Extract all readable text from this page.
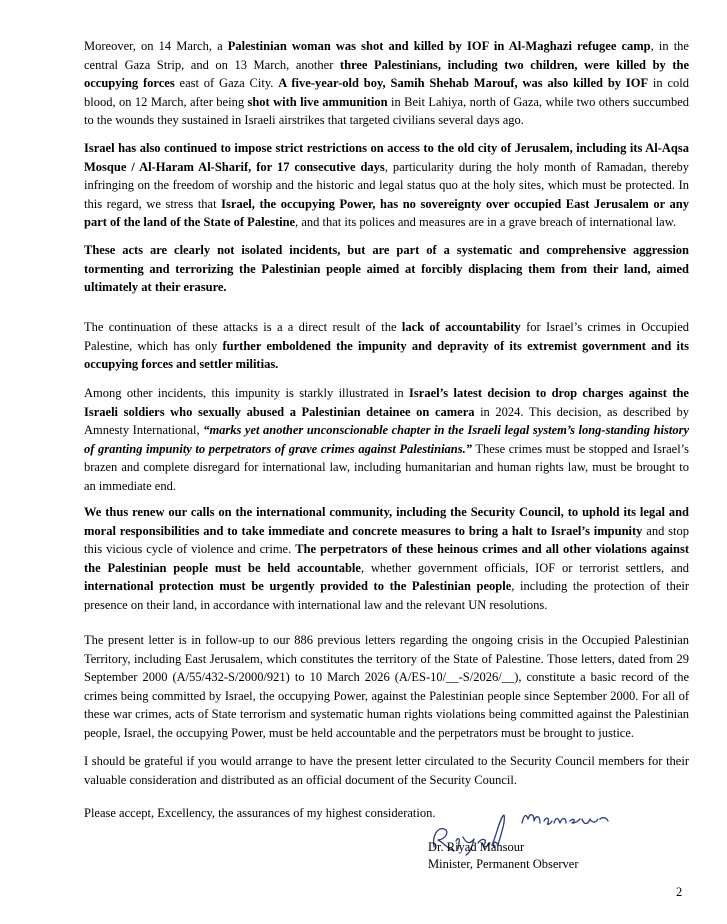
Moreover, on 14 March, a Palestinian woman was shot and killed by IOF in Al-Maghazi refugee camp, in the central Gaza Strip, and on 13 March, another three Palestinians, including two children, were killed by the occupying forces east of Gaza City. A five-year-old boy, Samih Shehab Marouf, was also killed by IOF in cold blood, on 12 March, after being shot with live ammunition in Beit Lahiya, north of Gaza, while two others succumbed to the wounds they sustained in Israeli airstrikes that targeted civilians several days ago.
Israel has also continued to impose strict restrictions on access to the old city of Jerusalem, including its Al-Aqsa Mosque / Al-Haram Al-Sharif, for 17 consecutive days, particularity during the holy month of Ramadan, thereby infringing on the freedom of worship and the historic and legal status quo at the holy sites, which must be protected. In this regard, we stress that Israel, the occupying Power, has no sovereignty over occupied East Jerusalem or any part of the land of the State of Palestine, and that its polices and measures are in a grave breach of international law.
These acts are clearly not isolated incidents, but are part of a systematic and comprehensive aggression tormenting and terrorizing the Palestinian people aimed at forcibly displacing them from their land, aimed ultimately at their erasure.
The continuation of these attacks is a a direct result of the lack of accountability for Israel’s crimes in Occupied Palestine, which has only further emboldened the impunity and depravity of its extremist government and its occupying forces and settler militias.
Among other incidents, this impunity is starkly illustrated in Israel’s latest decision to drop charges against the Israeli soldiers who sexually abused a Palestinian detainee on camera in 2024. This decision, as described by Amnesty International, “marks yet another unconscionable chapter in the Israeli legal system’s long-standing history of granting impunity to perpetrators of grave crimes against Palestinians.” These crimes must be stopped and Israel’s brazen and complete disregard for international law, including humanitarian and human rights law, must be brought to an immediate end.
We thus renew our calls on the international community, including the Security Council, to uphold its legal and moral responsibilities and to take immediate and concrete measures to bring a halt to Israel’s impunity and stop this vicious cycle of violence and crime. The perpetrators of these heinous crimes and all other violations against the Palestinian people must be held accountable, whether government officials, IOF or terrorist settlers, and international protection must be urgently provided to the Palestinian people, including the protection of their presence on their land, in accordance with international law and the relevant UN resolutions.
The present letter is in follow-up to our 886 previous letters regarding the ongoing crisis in the Occupied Palestinian Territory, including East Jerusalem, which constitutes the territory of the State of Palestine. Those letters, dated from 29 September 2000 (A/55/432-S/2000/921) to 10 March 2026 (A/ES-10/__-S/2026/__), constitute a basic record of the crimes being committed by Israel, the occupying Power, against the Palestinian people since September 2000. For all of these war crimes, acts of State terrorism and systematic human rights violations being committed against the Palestinian people, Israel, the occupying Power, must be held accountable and the perpetrators must be brought to justice.
I should be grateful if you would arrange to have the present letter circulated to the Security Council members for their valuable consideration and distributed as an official document of the Security Council.
Please accept, Excellency, the assurances of my highest consideration.
Dr. Riyad Mansour
Minister, Permanent Observer
2
